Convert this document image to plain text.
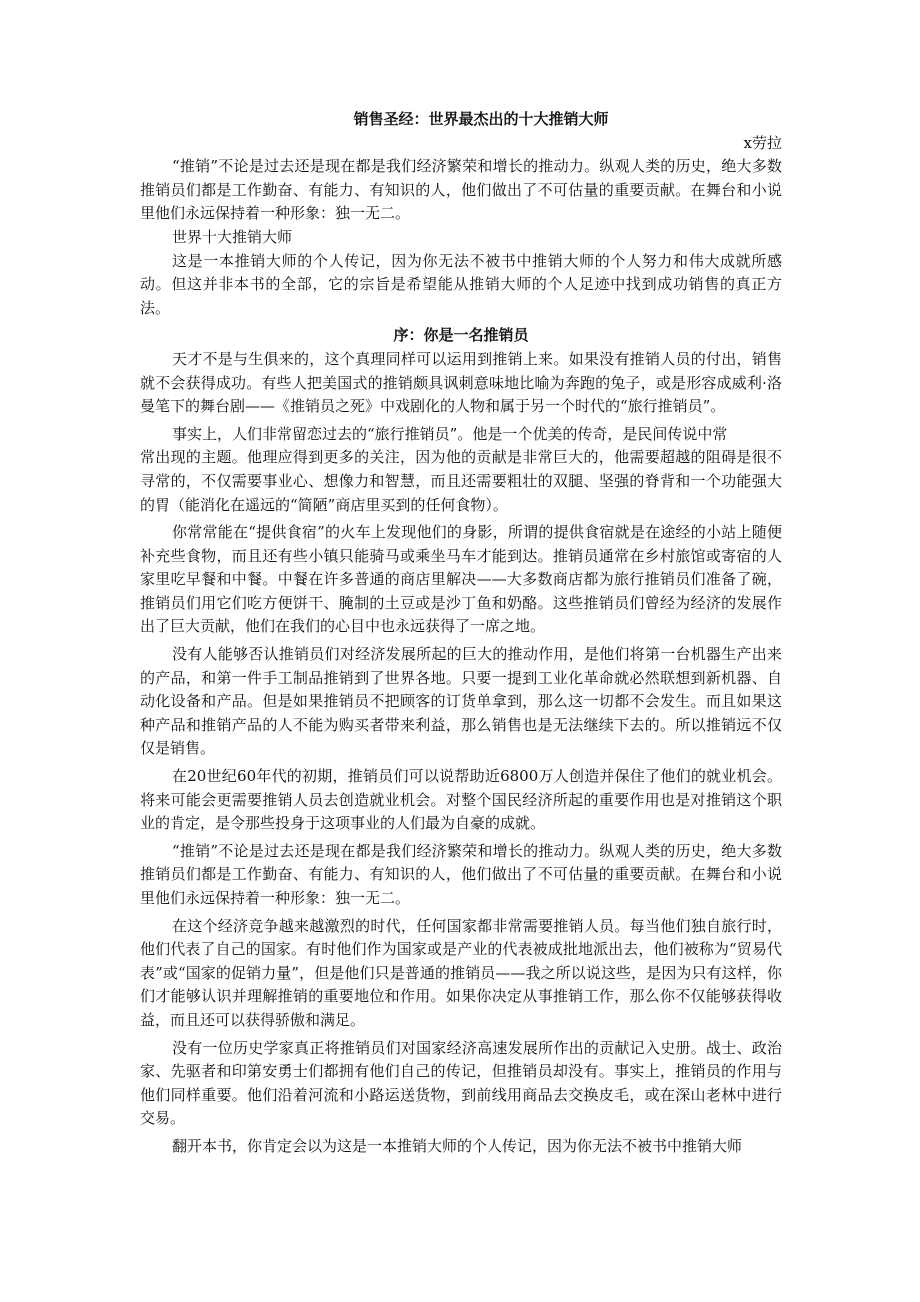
销售圣经：世界最杰出的十大推销大师
x劳拉

“推销”不论是过去还是现在都是我们经济繁荣和增长的推动力。纵观人类的历史，绝大多数推销员们都是工作勤奋、有能力、有知识的人，他们做出了不可估量的重要贡献。在舞台和小说里他们永远保持着一种形象：独一无二。

世界十大推销大师

这是一本推销大师的个人传记，因为你无法不被书中推销大师的个人努力和伟大成就所感动。但这并非本书的全部，它的宗旨是希望能从推销大师的个人足迹中找到成功销售的真正方法。

序：你是一名推销员

天才不是与生俱来的，这个真理同样可以运用到推销上来。如果没有推销人员的付出，销售就不会获得成功。有些人把美国式的推销颇具讽刺意味地比喻为奔跑的兔子，或是形容成威利·洛曼笔下的舞台剧——《推销员之死》中戏剧化的人物和属于另一个时代的“旅行推销员”。

事实上，人们非常留恋过去的“旅行推销员”。他是一个优美的传奇，是民间传说中常

常出现的主题。他理应得到更多的关注，因为他的贡献是非常巨大的，他需要超越的阻碍是很不寻常的，不仅需要事业心、想像力和智慧，而且还需要粗壮的双腿、坚强的脊背和一个功能强大的胃（能消化在遥远的“简陋”商店里买到的任何食物）。

你常常能在“提供食宿”的火车上发现他们的身影，所谓的提供食宿就是在途经的小站上随便补充些食物，而且还有些小镇只能骑马或乘坐马车才能到达。推销员通常在乡村旅馆或寄宿的人家里吃早餐和中餐。中餐在许多普通的商店里解决——大多数商店都为旅行推销员们准备了碗，推销员们用它们吃方便饼干、腌制的土豆或是沙丁鱼和奶酪。这些推销员们曾经为经济的发展作出了巨大贡献，他们在我们的心目中也永远获得了一席之地。

没有人能够否认推销员们对经济发展所起的巨大的推动作用，是他们将第一台机器生产出来的产品，和第一件手工制品推销到了世界各地。只要一提到工业化革命就必然联想到新机器、自动化设备和产品。但是如果推销员不把顾客的订货单拿到，那么这一切都不会发生。而且如果这种产品和推销产品的人不能为购买者带来利益，那么销售也是无法继续下去的。所以推销远不仅仅是销售。

在20世纪60年代的初期，推销员们可以说帮助近6800万人创造并保住了他们的就业机会。将来可能会更需要推销人员去创造就业机会。对整个国民经济所起的重要作用也是对推销这个职业的肯定，是令那些投身于这项事业的人们最为自豪的成就。

“推销”不论是过去还是现在都是我们经济繁荣和增长的推动力。纵观人类的历史，绝大多数推销员们都是工作勤奋、有能力、有知识的人，他们做出了不可估量的重要贡献。在舞台和小说里他们永远保持着一种形象：独一无二。

在这个经济竞争越来越激烈的时代，任何国家都非常需要推销人员。每当他们独自旅行时，他们代表了自己的国家。有时他们作为国家或是产业的代表被成批地派出去，他们被称为“贸易代表”或“国家的促销力量”，但是他们只是普通的推销员——我之所以说这些，是因为只有这样，你们才能够认识并理解推销的重要地位和作用。如果你决定从事推销工作，那么你不仅能够获得收益，而且还可以获得骄傲和满足。

没有一位历史学家真正将推销员们对国家经济高速发展所作出的贡献记入史册。战士、政治家、先驱者和印第安勇士们都拥有他们自己的传记，但推销员却没有。事实上，推销员的作用与他们同样重要。他们沿着河流和小路运送货物，到前线用商品去交换皮毛，或在深山老林中进行交易。

翻开本书，你肯定会以为这是一本推销大师的个人传记，因为你无法不被书中推销大师
